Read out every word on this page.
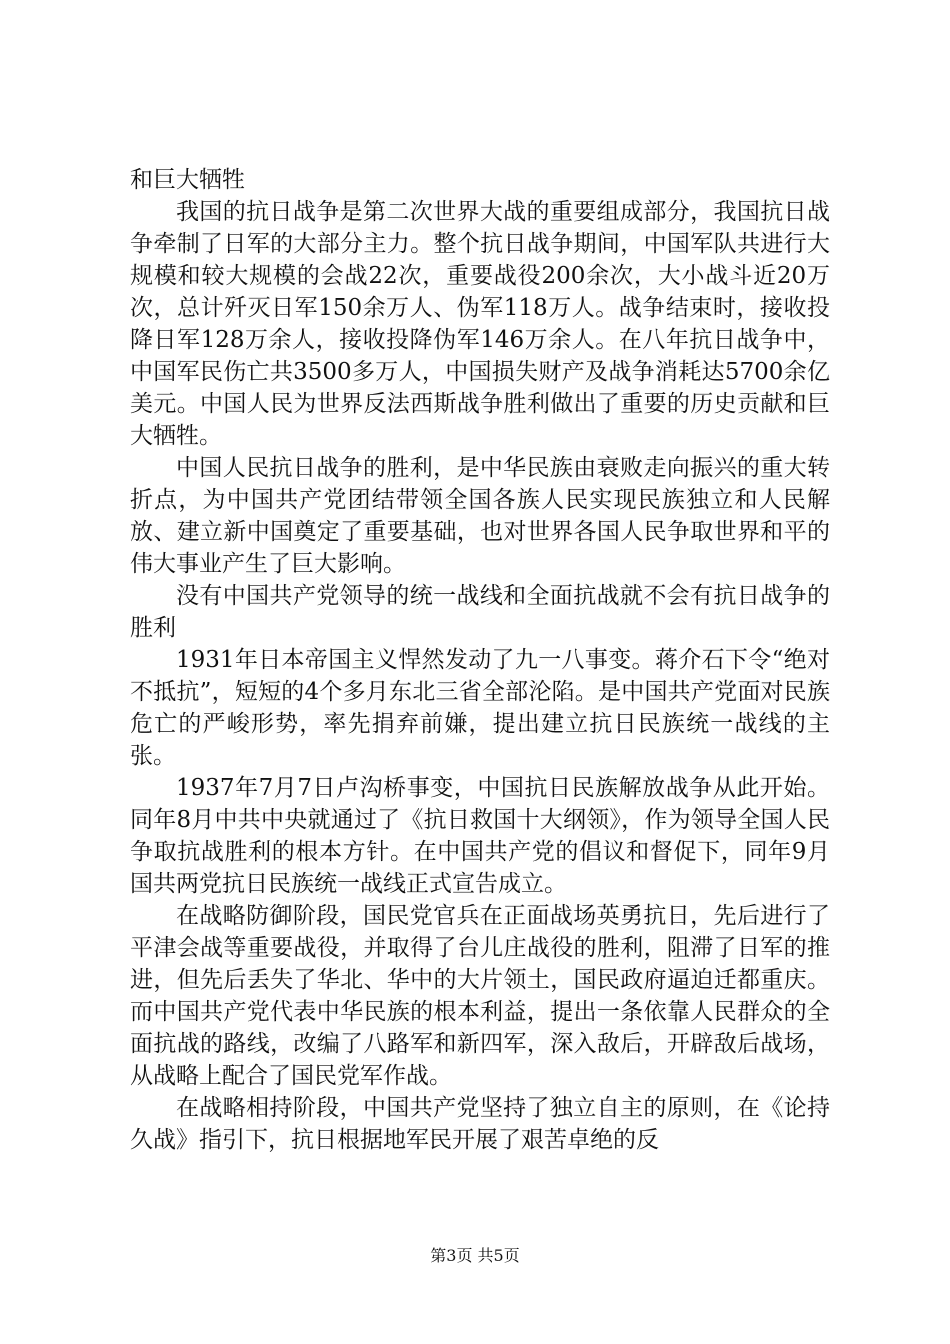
和巨大牺牲

我国的抗日战争是第二次世界大战的重要组成部分，我国抗日战争牵制了日军的大部分主力。整个抗日战争期间，中国军队共进行大规模和较大规模的会战22次，重要战役200余次，大小战斗近20万次，总计歼灭日军150余万人、伪军118万人。战争结束时，接收投降日军128万余人，接收投降伪军146万余人。在八年抗日战争中，中国军民伤亡共3500多万人，中国损失财产及战争消耗达5700余亿美元。中国人民为世界反法西斯战争胜利做出了重要的历史贡献和巨大牺牲。

中国人民抗日战争的胜利，是中华民族由衰败走向振兴的重大转折点，为中国共产党团结带领全国各族人民实现民族独立和人民解放、建立新中国奠定了重要基础，也对世界各国人民争取世界和平的伟大事业产生了巨大影响。

没有中国共产党领导的统一战线和全面抗战就不会有抗日战争的胜利

1931年日本帝国主义悍然发动了九一八事变。蒋介石下令“绝对不抵抗”，短短的4个多月东北三省全部沦陷。是中国共产党面对民族危亡的严峻形势，率先捐弃前嫌，提出建立抗日民族统一战线的主张。

1937年7月7日卢沟桥事变，中国抗日民族解放战争从此开始。同年8月中共中央就通过了《抗日救国十大纲领》，作为领导全国人民争取抗战胜利的根本方针。在中国共产党的倡议和督促下，同年9月国共两党抗日民族统一战线正式宣告成立。

在战略防御阶段，国民党官兵在正面战场英勇抗日，先后进行了平津会战等重要战役，并取得了台儿庄战役的胜利，阻滞了日军的推进，但先后丢失了华北、华中的大片领土，国民政府逼迫迁都重庆。而中国共产党代表中华民族的根本利益，提出一条依靠人民群众的全面抗战的路线，改编了八路军和新四军，深入敌后，开辟敌后战场，从战略上配合了国民党军作战。

在战略相持阶段，中国共产党坚持了独立自主的原则，在《论持久战》指引下，抗日根据地军民开展了艰苦卓绝的反

第3页 共5页
